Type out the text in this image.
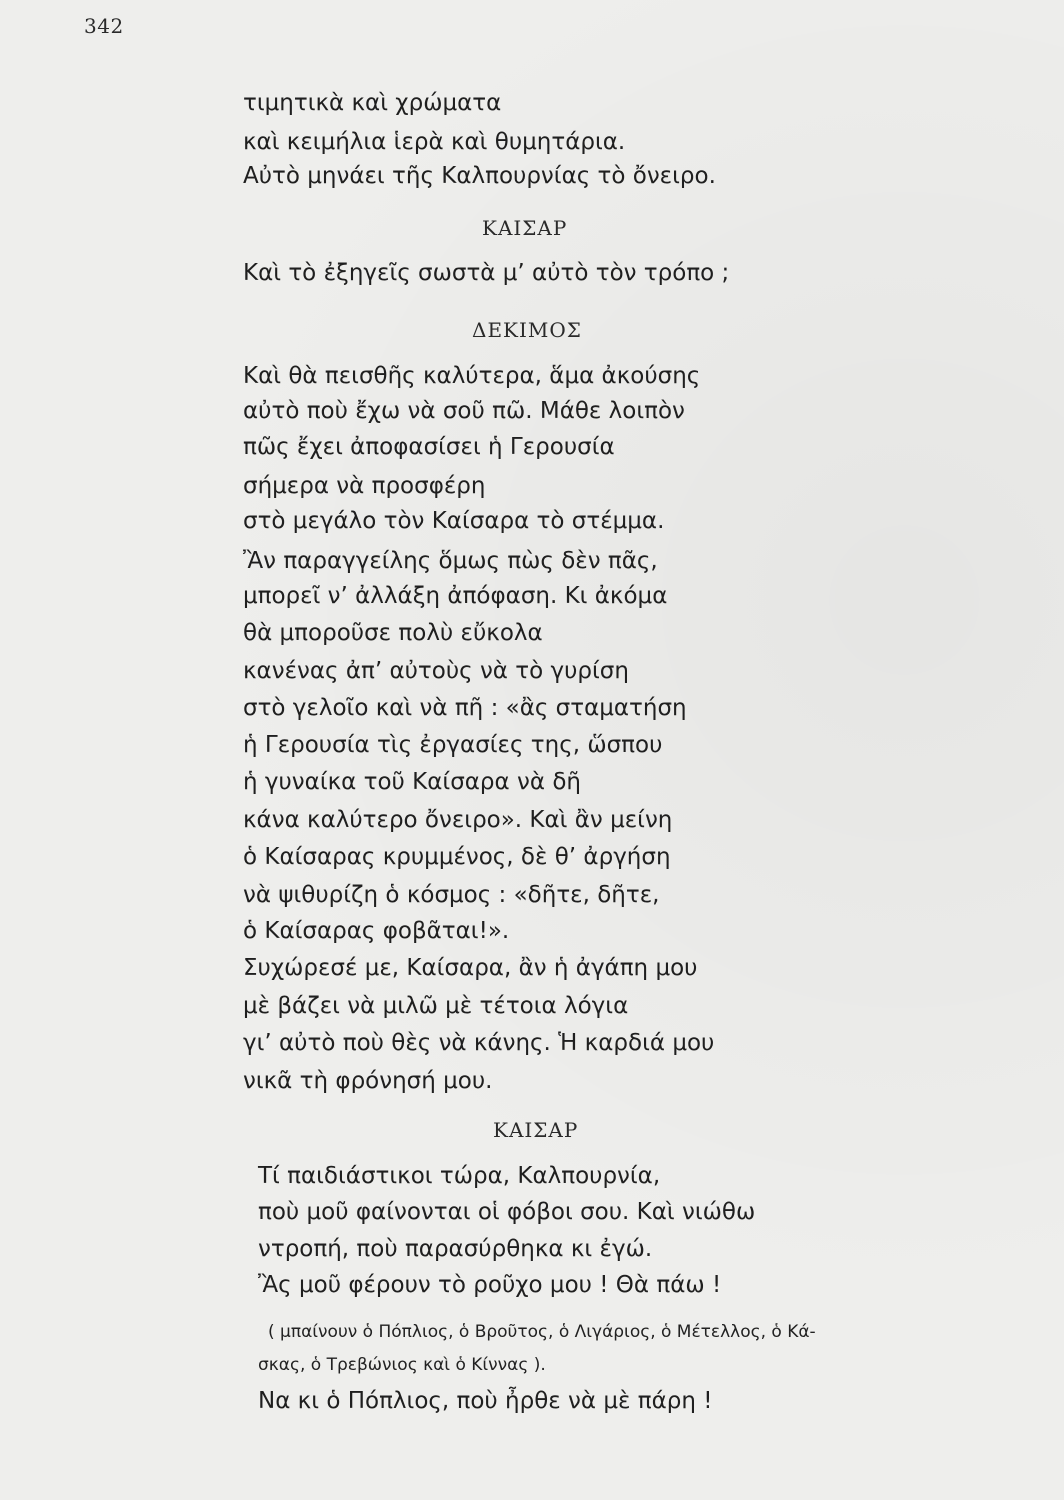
342
τιμητικὰ καὶ χρώματα
καὶ κειμήλια ἱερὰ καὶ θυμητάρια.
Αὐτὸ μηνάει τῆς Καλπουρνίας τὸ ὄνειρο.
ΚΑΙΣΑΡ
Καὶ τὸ ἐξηγεῖς σωστὰ μ’ αὐτὸ τὸν τρόπο ;
ΔΕΚΙΜΟΣ
Καὶ θὰ πεισθῆς καλύτερα, ἅμα ἀκούσης
αὐτὸ ποὺ ἔχω νὰ σοῦ πῶ. Μάθε λοιπὸν
πῶς ἔχει ἀποφασίσει ἡ Γερουσία
σήμερα νὰ προσφέρη
στὸ μεγάλο τὸν Καίσαρα τὸ στέμμα.
Ἂν παραγγείλης ὅμως πὼς δὲν πᾶς,
μπορεῖ ν’ ἀλλάξη ἀπόφαση. Κι ἀκόμα
θὰ μποροῦσε πολὺ εὔκολα
κανένας ἀπ’ αὐτοὺς νὰ τὸ γυρίση
στὸ γελοῖο καὶ νὰ πῆ : «ἂς σταματήση
ἡ Γερουσία τὶς ἐργασίες της, ὥσπου
ἡ γυναίκα τοῦ Καίσαρα νὰ δῆ
κάνα καλύτερο ὄνειρο». Καὶ ἂν μείνη
ὁ Καίσαρας κρυμμένος, δὲ θ’ ἀργήση
νὰ ψιθυρίζη ὁ κόσμος : «δῆτε, δῆτε,
ὁ Καίσαρας φοβᾶται!».
Συχώρεσέ με, Καίσαρα, ἂν ἡ ἀγάπη μου
μὲ βάζει νὰ μιλῶ μὲ τέτοια λόγια
γι’ αὐτὸ ποὺ θὲς νὰ κάνης. Ἡ καρδιά μου
νικᾶ τὴ φρόνησή μου.
ΚΑΙΣΑΡ
Τί παιδιάστικοι τώρα, Καλπουρνία,
ποὺ μοῦ φαίνονται οἱ φόβοι σου. Καὶ νιώθω
ντροπή, ποὺ παρασύρθηκα κι ἐγώ.
Ἂς μοῦ φέρουν τὸ ροῦχο μου ! Θὰ πάω !
( μπαίνουν ὁ Πόπλιος, ὁ Βροῦτος, ὁ Λιγάριος, ὁ Μέτελλος, ὁ Κά-
σκας, ὁ Τρεβώνιος καὶ ὁ Κίννας ).
Να κι ὁ Πόπλιος, ποὺ ἦρθε νὰ μὲ πάρη !
